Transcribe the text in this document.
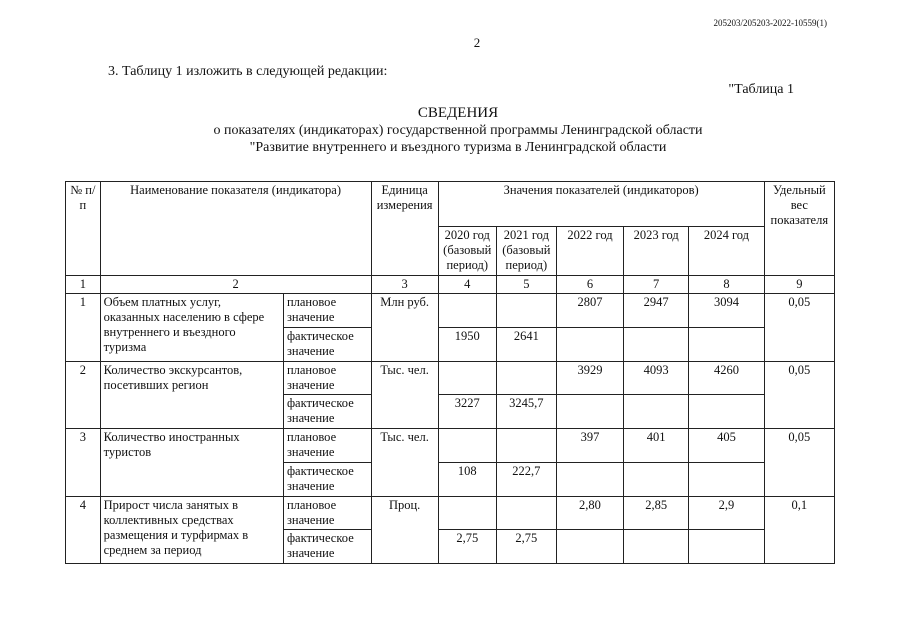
205203/205203-2022-10559(1)
2
3. Таблицу 1 изложить в следующей редакции:
"Таблица 1
СВЕДЕНИЯ
о показателях (индикаторах) государственной программы Ленинградской области
"Развитие внутреннего и въездного туризма в Ленинградской области
№ п/п	Наименование показателя (индикатора)		Единица измерения	Значения показателей (индикаторов)					Удельный вес показателя
				2020 год (базовый период)	2021 год (базовый период)	2022 год	2023 год	2024 год	
1	2		3	4	5	6	7	8	9
1	Объем платных услуг, оказанных населению в сфере внутреннего и въездного туризма	плановое значение	Млн руб.			2807	2947	3094	0,05
		фактическое значение		1950	2641				
2	Количество экскурсантов, посетивших регион	плановое значение	Тыс. чел.			3929	4093	4260	0,05
		фактическое значение		3227	3245,7				
3	Количество иностранных туристов	плановое значение	Тыс. чел.			397	401	405	0,05
		фактическое значение		108	222,7				
4	Прирост числа занятых в коллективных средствах размещения и турфирмах в среднем за период	плановое значение	Проц.			2,80	2,85	2,9	0,1
		фактическое значение		2,75	2,75				
